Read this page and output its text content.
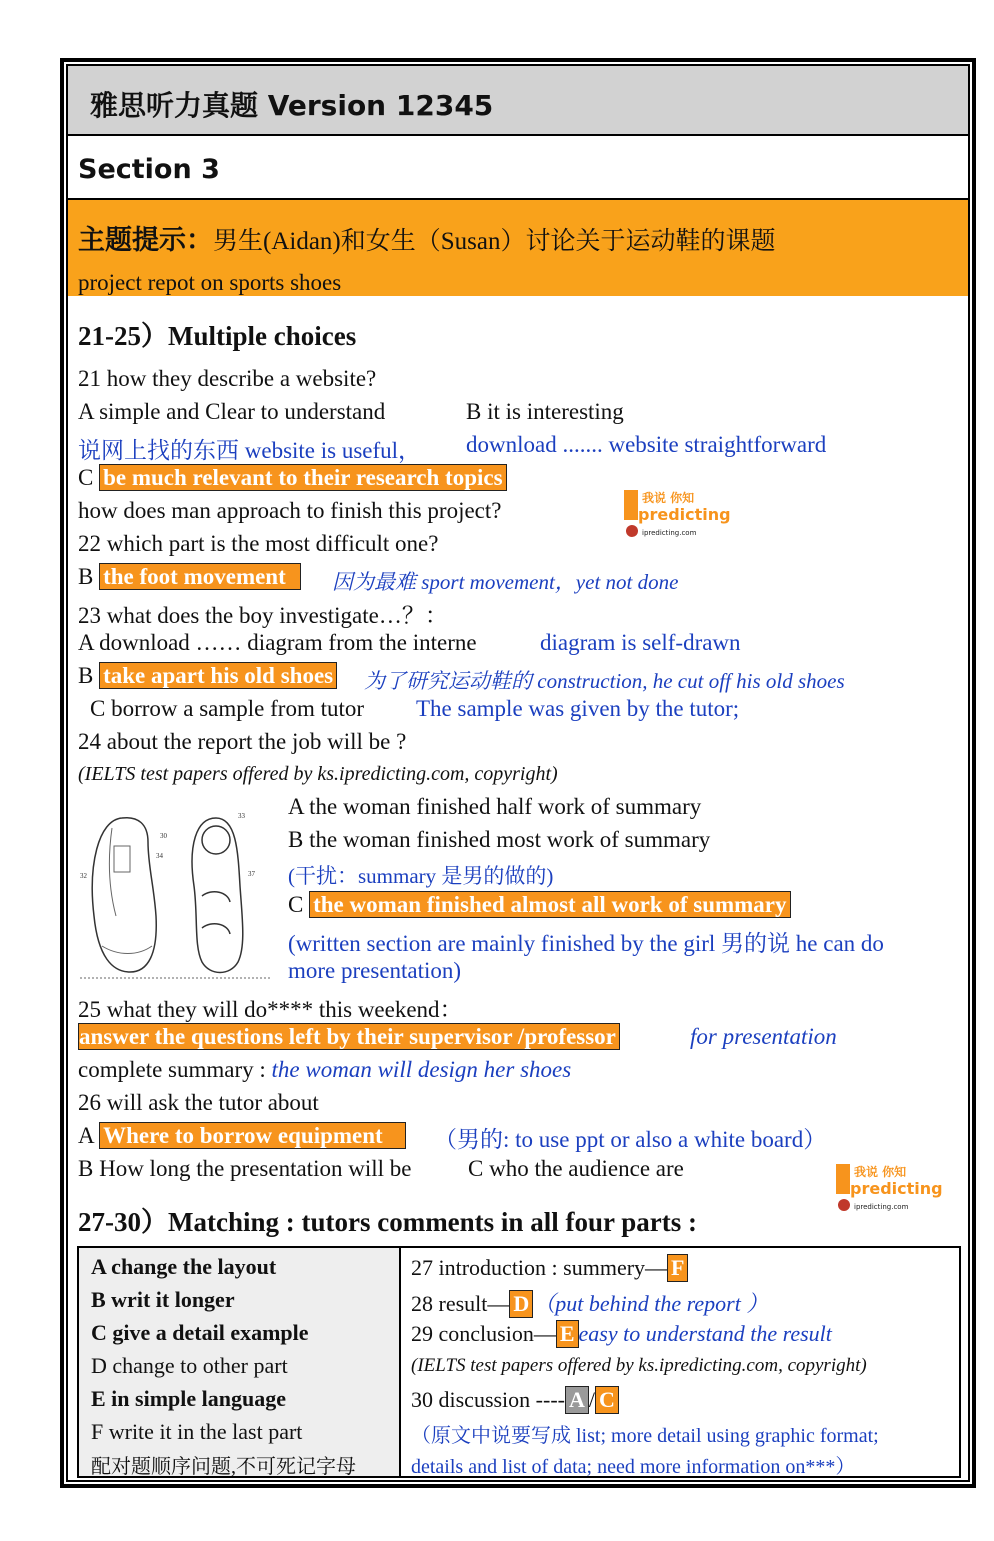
雅思听力真题 Version 12345
Section 3
主题提示：男生(Aidan)和女生（Susan）讨论关于运动鞋的课题
project repot on sports shoes
21-25）Multiple choices
21 how they describe a website?
A simple and Clear to understand	B it is interesting
说网上找的东西 website is useful， download ....... website straightforward
C be much relevant to their research topics
我说 你知
predicting
ipredicting.com
how does man approach to finish this project?
22 which part is the most difficult one?
B the foot movement	因为最难 sport movement，yet not done
23 what does the boy investigate…？：
A download …… diagram from the interne	diagram is self-drawn
B take apart his old shoes 为了研究运动鞋的 construction, he cut off his old shoes
C borrow a sample from tutor The sample was given by the tutor;
24 about the report the job will be ?
(IELTS test papers offered by ks.ipredicting.com, copyright)
30
34
32
33
37
A the woman finished half work of summary
B the woman finished most work of summary
(干扰：summary 是男的做的)
C the woman finished almost all work of summary
(written section are mainly finished by the girl 男的说 he can do
more presentation)
25 what they will do**** this weekend：
answer the questions left by their supervisor /professor	for presentation
complete summary : the woman will design her shoes
26 will ask the tutor about
A Where to borrow equipment	（男的: to use ppt or also a white board）
B How long the presentation will be C who the audience are	我说 你知
predicting
ipredicting.com
27-30）Matching : tutors comments in all four parts :
A change the layout
B writ it longer
C give a detail example
D change to other part
E in simple language
F write it in the last part
配对题顺序问题,不可死记字母
27 introduction : summery— F
28 result— D （put behind the report ）
29 conclusion— E easy to understand the result
(IELTS test papers offered by ks.ipredicting.com, copyright)
30 discussion ---- A / C
（原文中说要写成 list; more detail using graphic format;
details and list of data; need more information on***）
